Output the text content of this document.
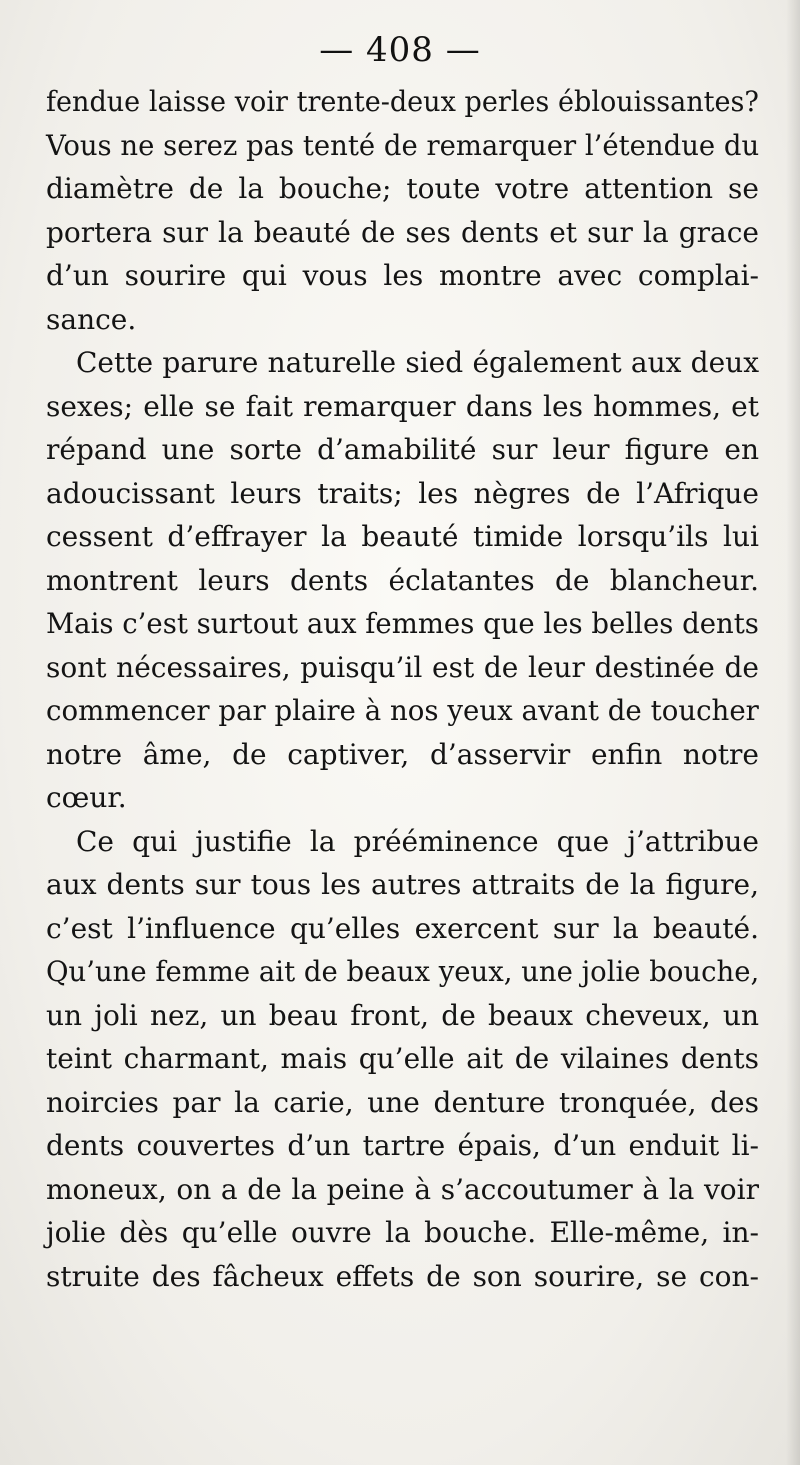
— 408 —
fendue laisse voir trente-deux perles éblouissantes?
Vous ne serez pas tenté de remarquer l’étendue du
diamètre de la bouche; toute votre attention se
portera sur la beauté de ses dents et sur la grace
d’un sourire qui vous les montre avec complai-
sance.
Cette parure naturelle sied également aux deux
sexes; elle se fait remarquer dans les hommes, et
répand une sorte d’amabilité sur leur figure en
adoucissant leurs traits; les nègres de l’Afrique
cessent d’effrayer la beauté timide lorsqu’ils lui
montrent leurs dents éclatantes de blancheur.
Mais c’est surtout aux femmes que les belles dents
sont nécessaires, puisqu’il est de leur destinée de
commencer par plaire à nos yeux avant de toucher
notre âme, de captiver, d’asservir enfin notre
cœur.
Ce qui justifie la prééminence que j’attribue
aux dents sur tous les autres attraits de la figure,
c’est l’influence qu’elles exercent sur la beauté.
Qu’une femme ait de beaux yeux, une jolie bouche,
un joli nez, un beau front, de beaux cheveux, un
teint charmant, mais qu’elle ait de vilaines dents
noircies par la carie, une denture tronquée, des
dents couvertes d’un tartre épais, d’un enduit li-
moneux, on a de la peine à s’accoutumer à la voir
jolie dès qu’elle ouvre la bouche. Elle-même, in-
struite des fâcheux effets de son sourire, se con-
